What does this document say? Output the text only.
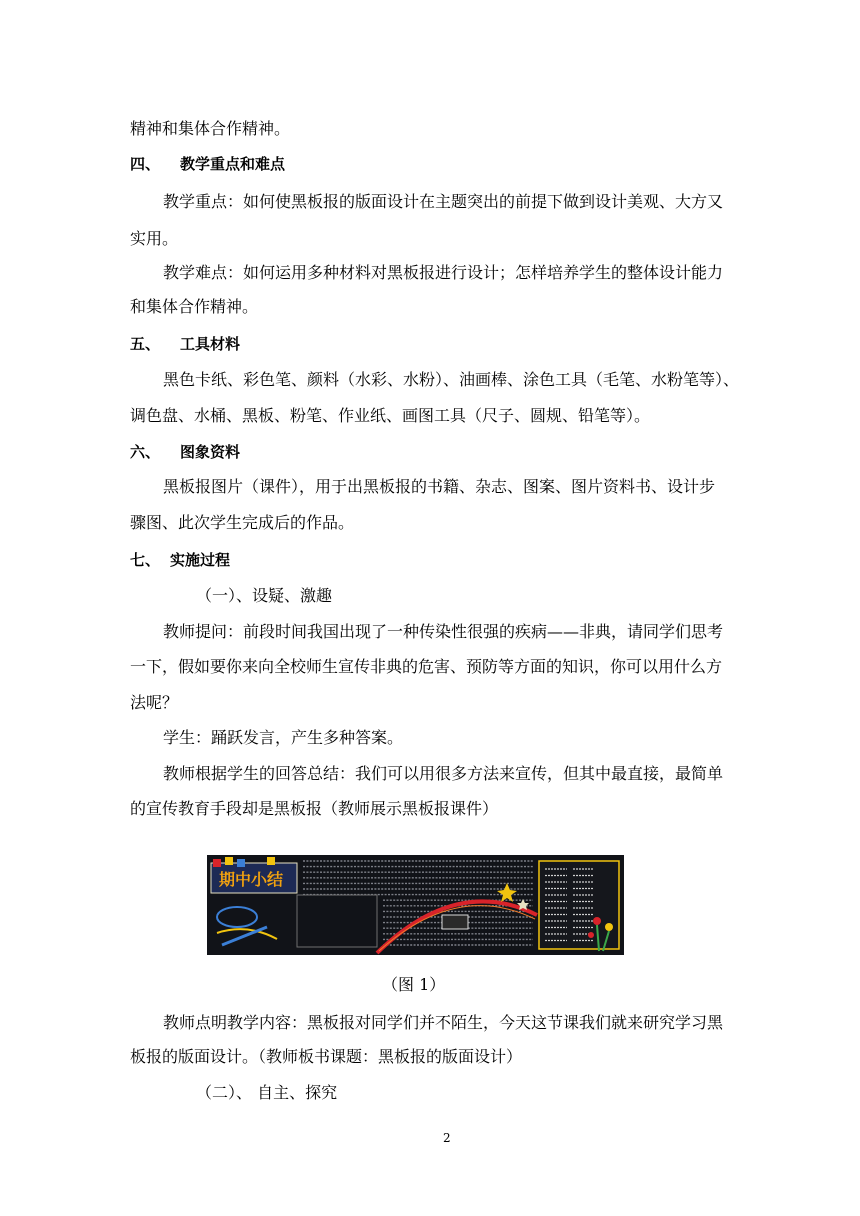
精神和集体合作精神。
四、 教学重点和难点
教学重点：如何使黑板报的版面设计在主题突出的前提下做到设计美观、大方又
实用。
教学难点：如何运用多种材料对黑板报进行设计；怎样培养学生的整体设计能力
和集体合作精神。
五、 工具材料
黑色卡纸、彩色笔、颜料（水彩、水粉）、油画棒、涂色工具（毛笔、水粉笔等）、
调色盘、水桶、黑板、粉笔、作业纸、画图工具（尺子、圆规、铅笔等）。
六、 图象资料
黑板报图片（课件），用于出黑板报的书籍、杂志、图案、图片资料书、设计步
骤图、此次学生完成后的作品。
七、 实施过程
（一）、设疑、激趣
教师提问：前段时间我国出现了一种传染性很强的疾病——非典，请同学们思考
一下，假如要你来向全校师生宣传非典的危害、预防等方面的知识，你可以用什么方
法呢？
学生：踊跃发言，产生多种答案。
教师根据学生的回答总结：我们可以用很多方法来宣传，但其中最直接，最简单
的宣传教育手段却是黑板报（教师展示黑板报课件）
期中小结
（图 1）
教师点明教学内容：黑板报对同学们并不陌生，今天这节课我们就来研究学习黑
板报的版面设计。（教师板书课题：黑板报的版面设计）
（二）、 自主、探究
2
